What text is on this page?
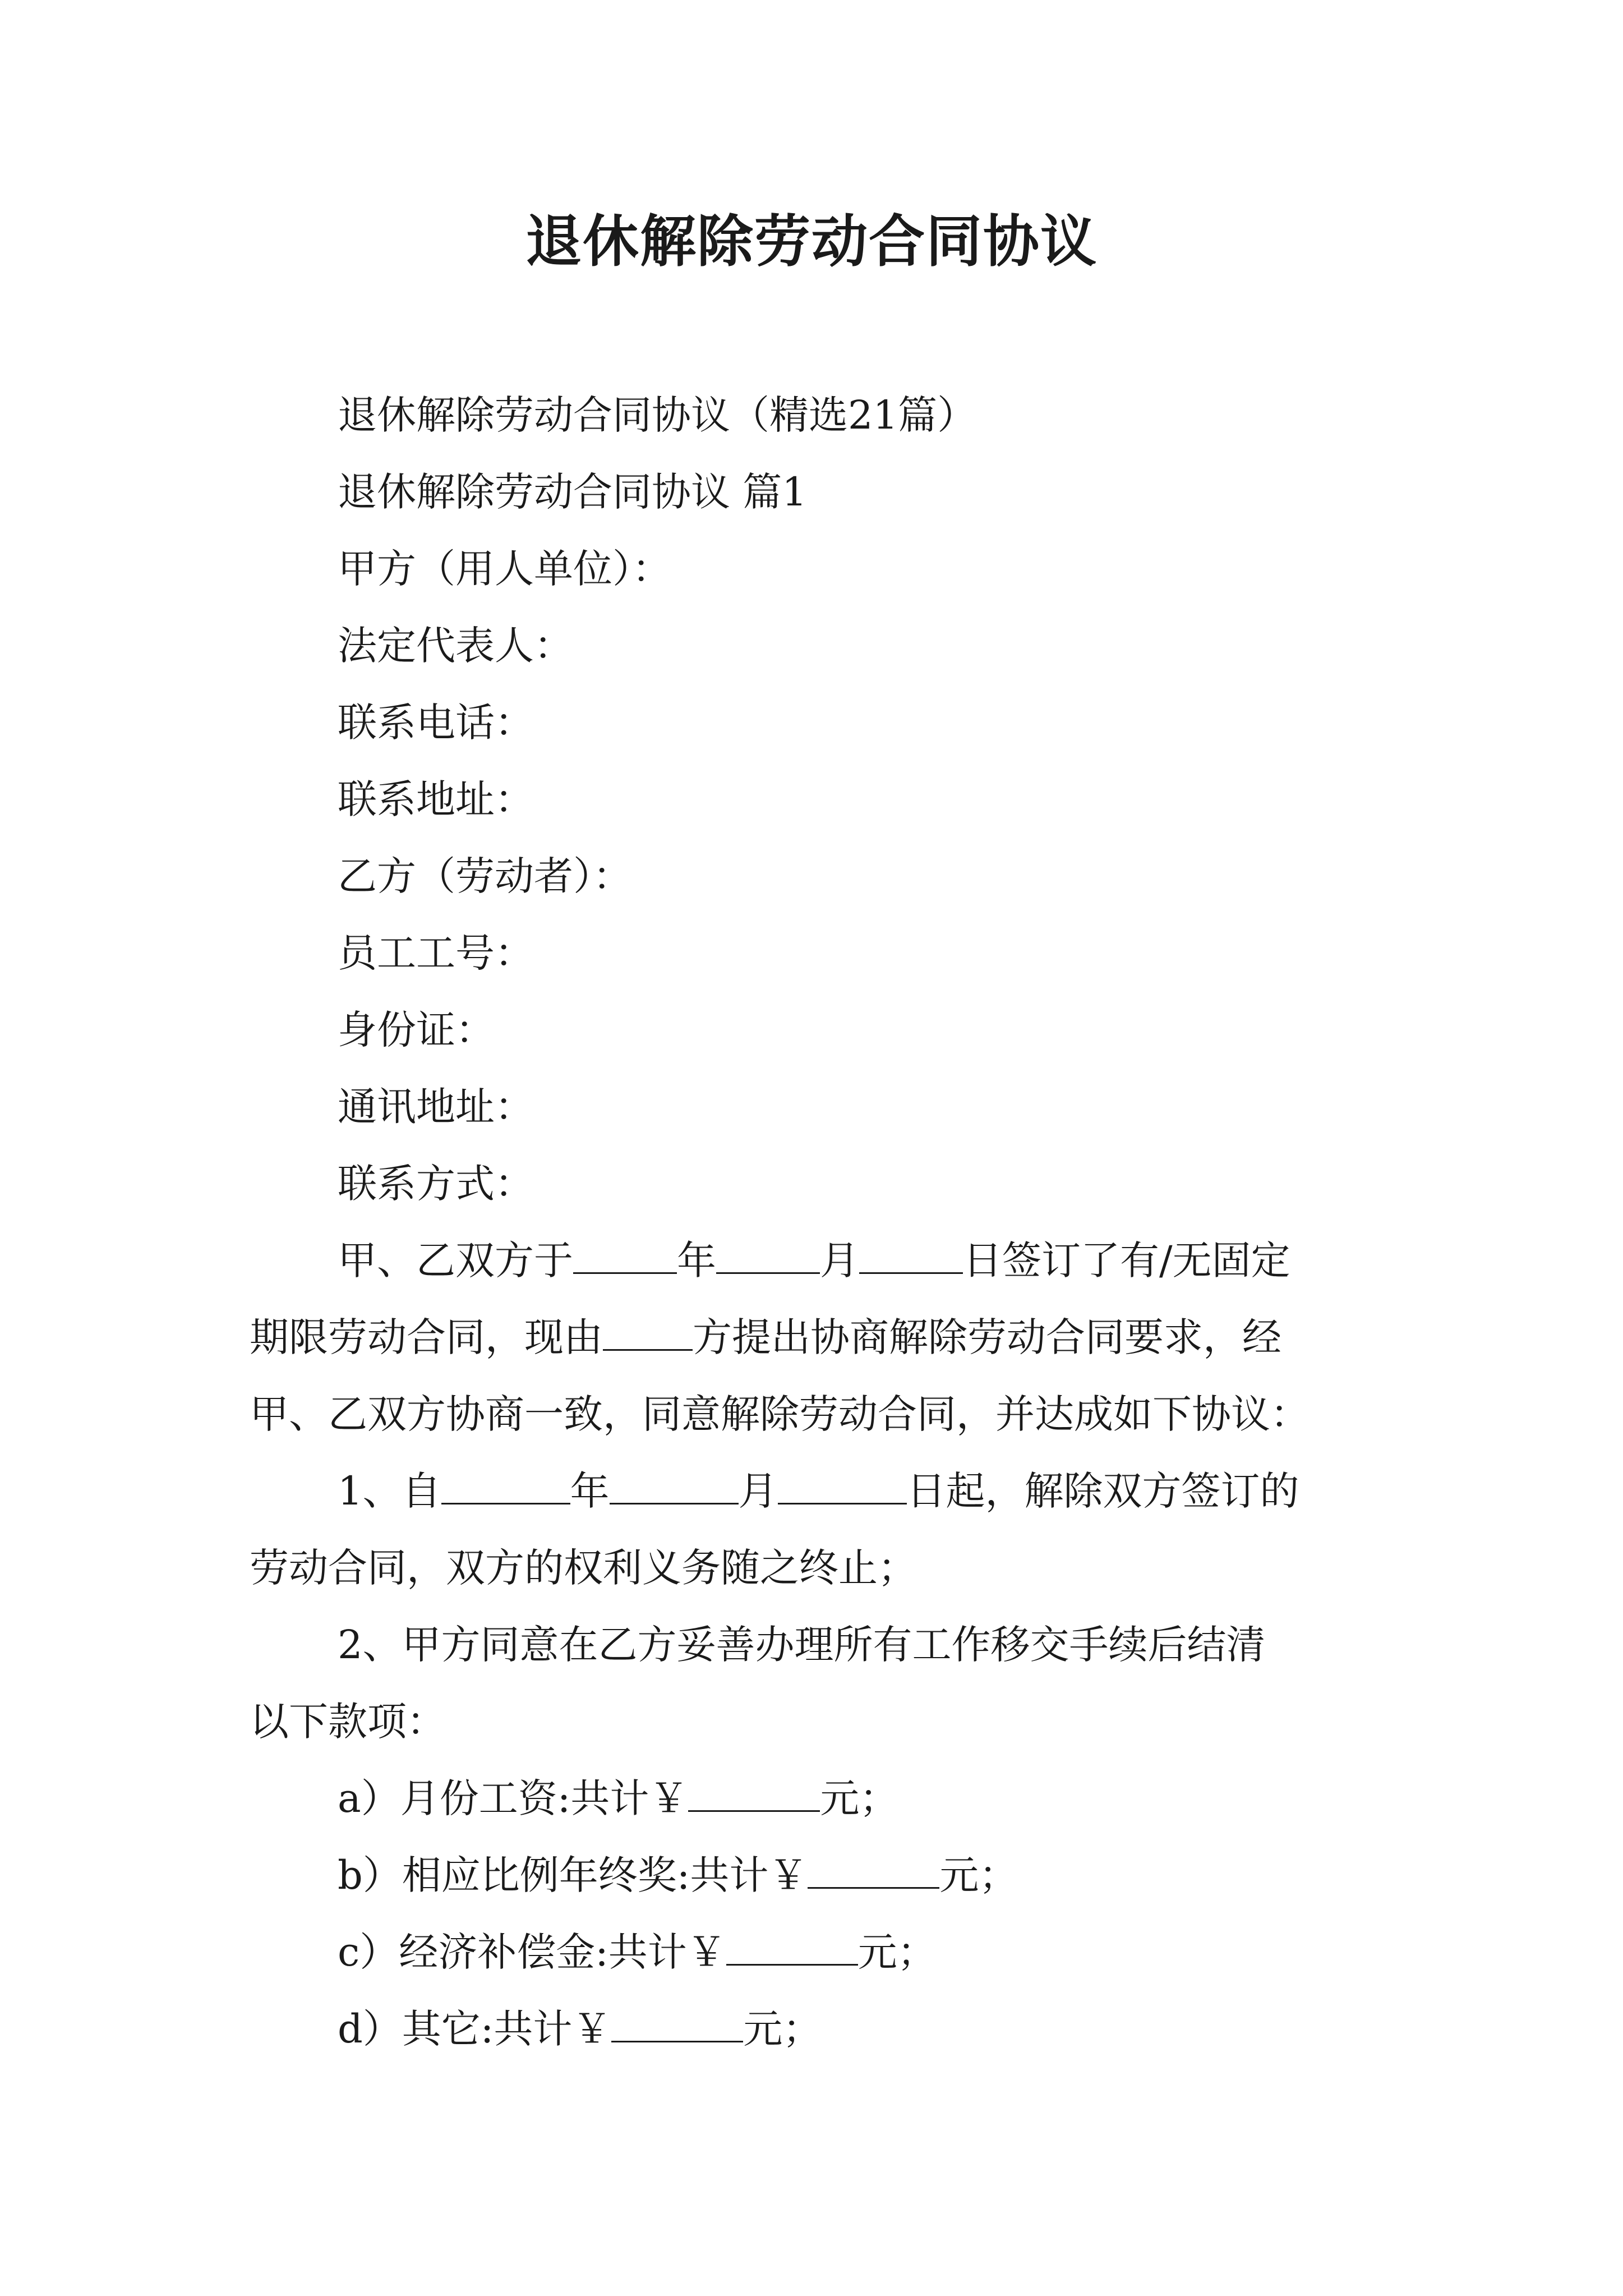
退休解除劳动合同协议

退休解除劳动合同协议（精选21篇）

退休解除劳动合同协议 篇1

甲方（用人单位）：

法定代表人：

联系电话：

联系地址：

乙方（劳动者）：

员工工号：

身份证：

通讯地址：

联系方式：

甲、乙双方于	年	月	日签订了有/无固定

期限劳动合同，现由 方提出协商解除劳动合同要求，经

甲、乙双方协商一致，同意解除劳动合同，并达成如下协议：

1、自	年	月	日起，解除双方签订的

劳动合同，双方的权利义务随之终止；

2、甲方同意在乙方妥善办理所有工作移交手续后结清

以下款项：

a）月份工资:共计￥	元；

b）相应比例年终奖:共计￥	元；

c）经济补偿金:共计￥	元；

d）其它:共计￥	元；
